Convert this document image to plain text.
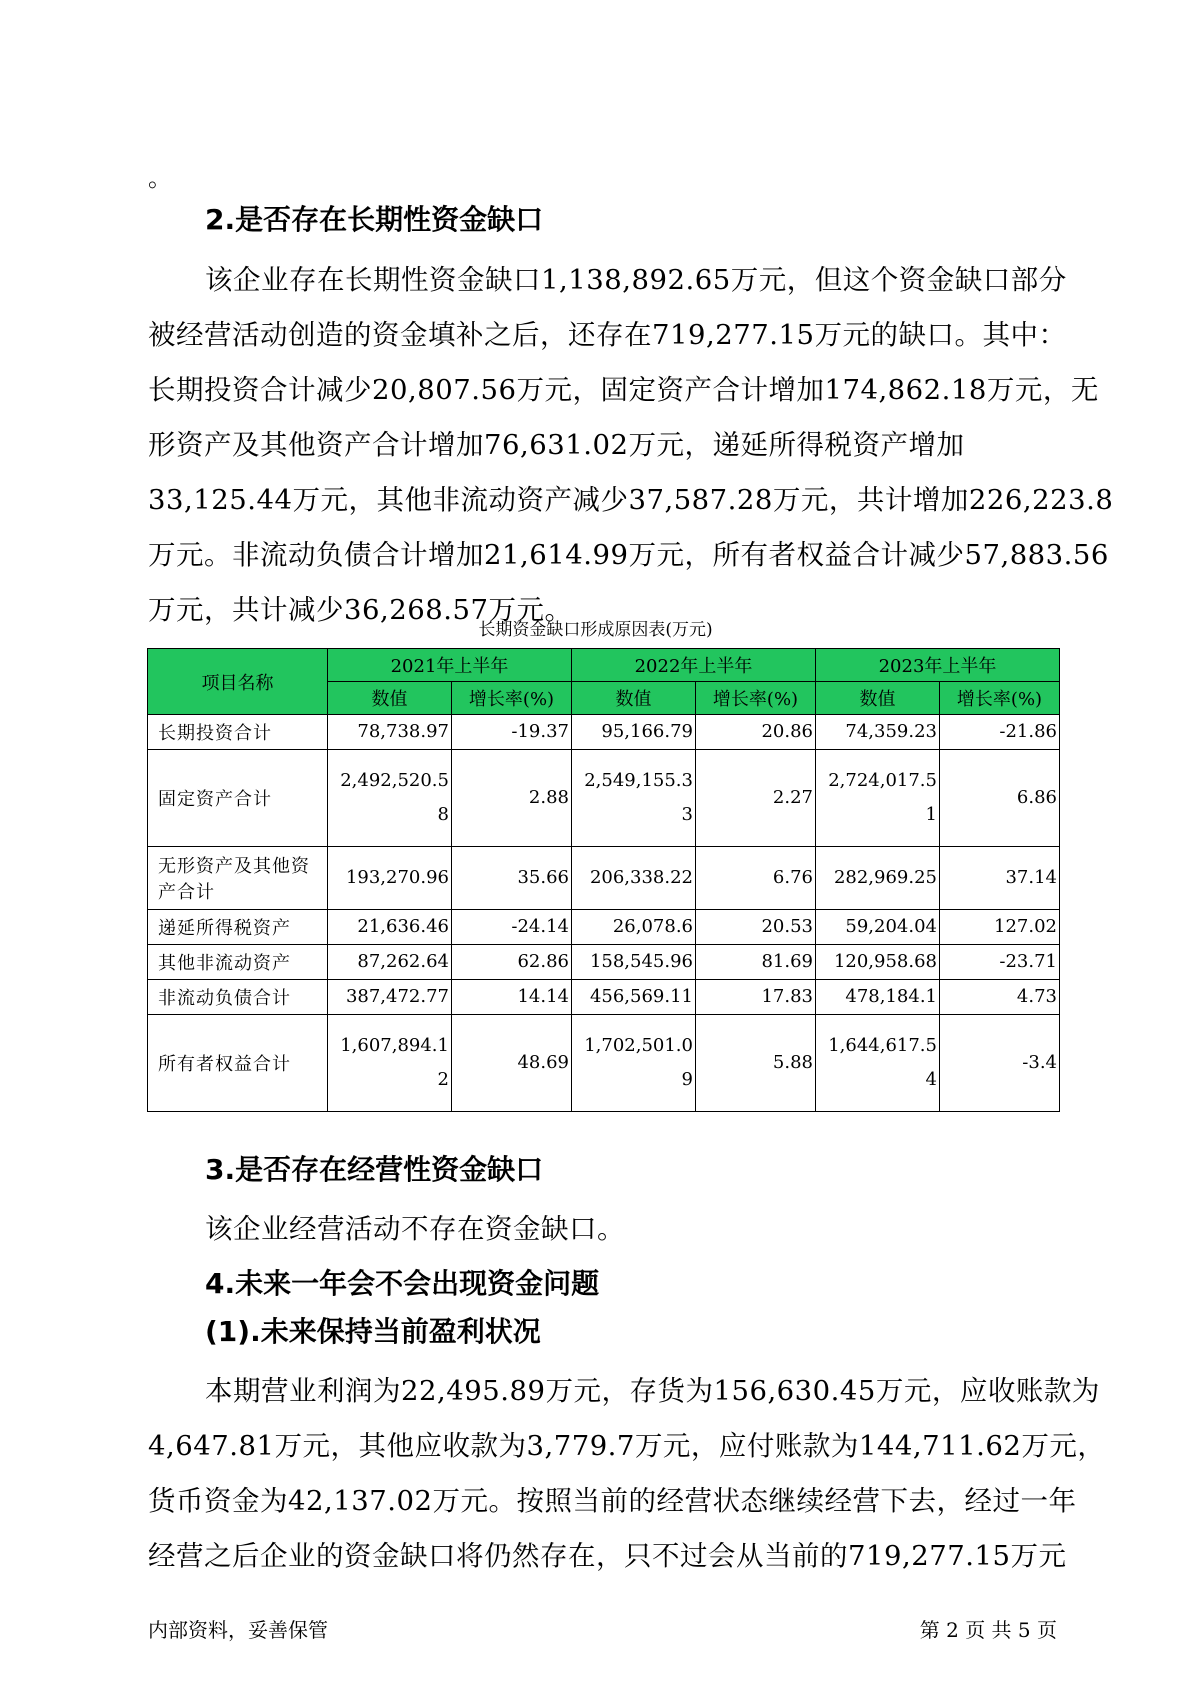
。
2.是否存在长期性资金缺口
该企业存在长期性资金缺口1,138,892.65万元，但这个资金缺口部分
被经营活动创造的资金填补之后，还存在719,277.15万元的缺口。其中：
长期投资合计减少20,807.56万元，固定资产合计增加174,862.18万元，无
形资产及其他资产合计增加76,631.02万元，递延所得税资产增加
33,125.44万元，其他非流动资产减少37,587.28万元，共计增加226,223.8
万元。非流动负债合计增加21,614.99万元，所有者权益合计减少57,883.56
万元，共计减少36,268.57万元。
长期资金缺口形成原因表(万元)
项目名称	2021年上半年		2022年上半年		2023年上半年	
	数值	增长率(%)	数值	增长率(%)	数值	增长率(%)
长期投资合计	78,738.97	-19.37	95,166.79	20.86	74,359.23	-21.86
固定资产合计	2,492,520.58	2.88	2,549,155.33	2.27	2,724,017.51	6.86
无形资产及其他资产合计	193,270.96	35.66	206,338.22	6.76	282,969.25	37.14
递延所得税资产	21,636.46	-24.14	26,078.6	20.53	59,204.04	127.02
其他非流动资产	87,262.64	62.86	158,545.96	81.69	120,958.68	-23.71
非流动负债合计	387,472.77	14.14	456,569.11	17.83	478,184.1	4.73
所有者权益合计	1,607,894.12	48.69	1,702,501.09	5.88	1,644,617.54	-3.4
3.是否存在经营性资金缺口
该企业经营活动不存在资金缺口。
4.未来一年会不会出现资金问题
(1).未来保持当前盈利状况
本期营业利润为22,495.89万元，存货为156,630.45万元，应收账款为
4,647.81万元，其他应收款为3,779.7万元，应付账款为144,711.62万元，
货币资金为42,137.02万元。按照当前的经营状态继续经营下去，经过一年
经营之后企业的资金缺口将仍然存在，只不过会从当前的719,277.15万元
内部资料，妥善保管	第 2 页 共 5 页
